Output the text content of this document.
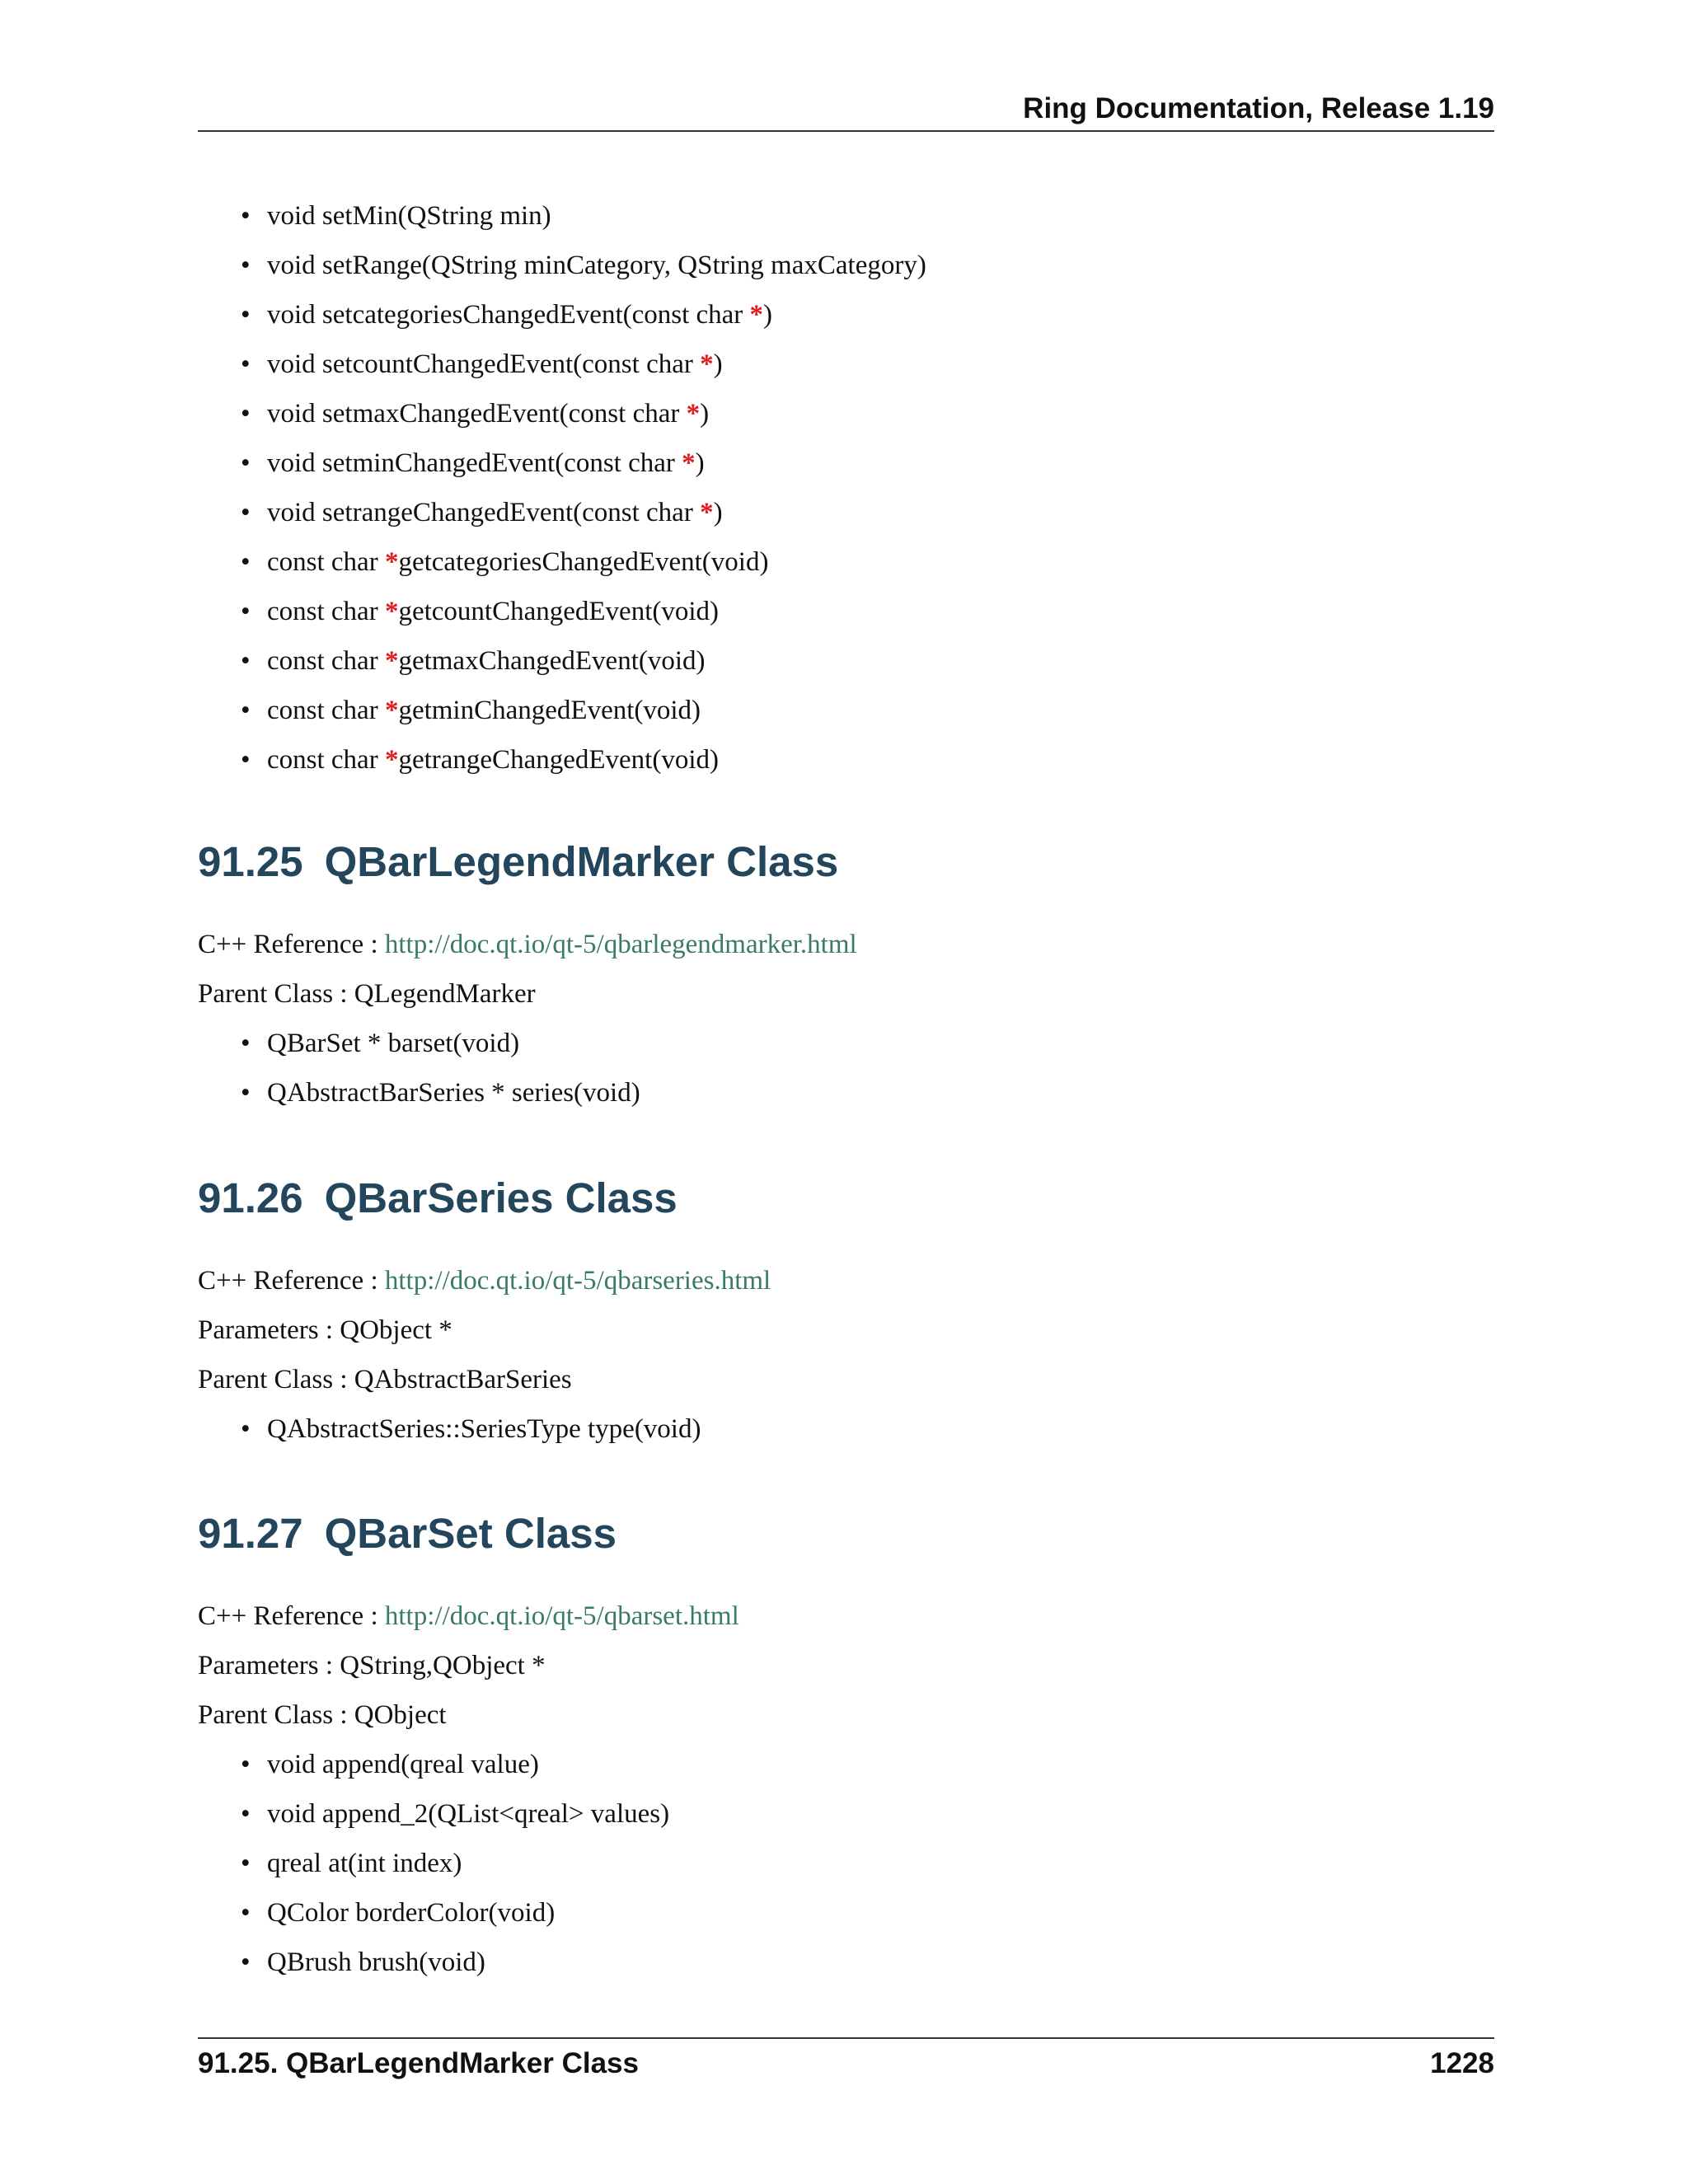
Ring Documentation, Release 1.19
• void setMin(QString min)
• void setRange(QString minCategory, QString maxCategory)
• void setcategoriesChangedEvent(const char *)
• void setcountChangedEvent(const char *)
• void setmaxChangedEvent(const char *)
• void setminChangedEvent(const char *)
• void setrangeChangedEvent(const char *)
• const char *getcategoriesChangedEvent(void)
• const char *getcountChangedEvent(void)
• const char *getmaxChangedEvent(void)
• const char *getminChangedEvent(void)
• const char *getrangeChangedEvent(void)
91.25 QBarLegendMarker Class

C++ Reference : http://doc.qt.io/qt-5/qbarlegendmarker.html

Parent Class : QLegendMarker

• QBarSet * barset(void)
• QAbstractBarSeries * series(void)
91.26 QBarSeries Class

C++ Reference : http://doc.qt.io/qt-5/qbarseries.html

Parameters : QObject *

Parent Class : QAbstractBarSeries

• QAbstractSeries::SeriesType type(void)
91.27 QBarSet Class

C++ Reference : http://doc.qt.io/qt-5/qbarset.html

Parameters : QString,QObject *

Parent Class : QObject

• void append(qreal value)
• void append_2(QList<qreal> values)
• qreal at(int index)
• QColor borderColor(void)
• QBrush brush(void)
91.25. QBarLegendMarker Class	1228
